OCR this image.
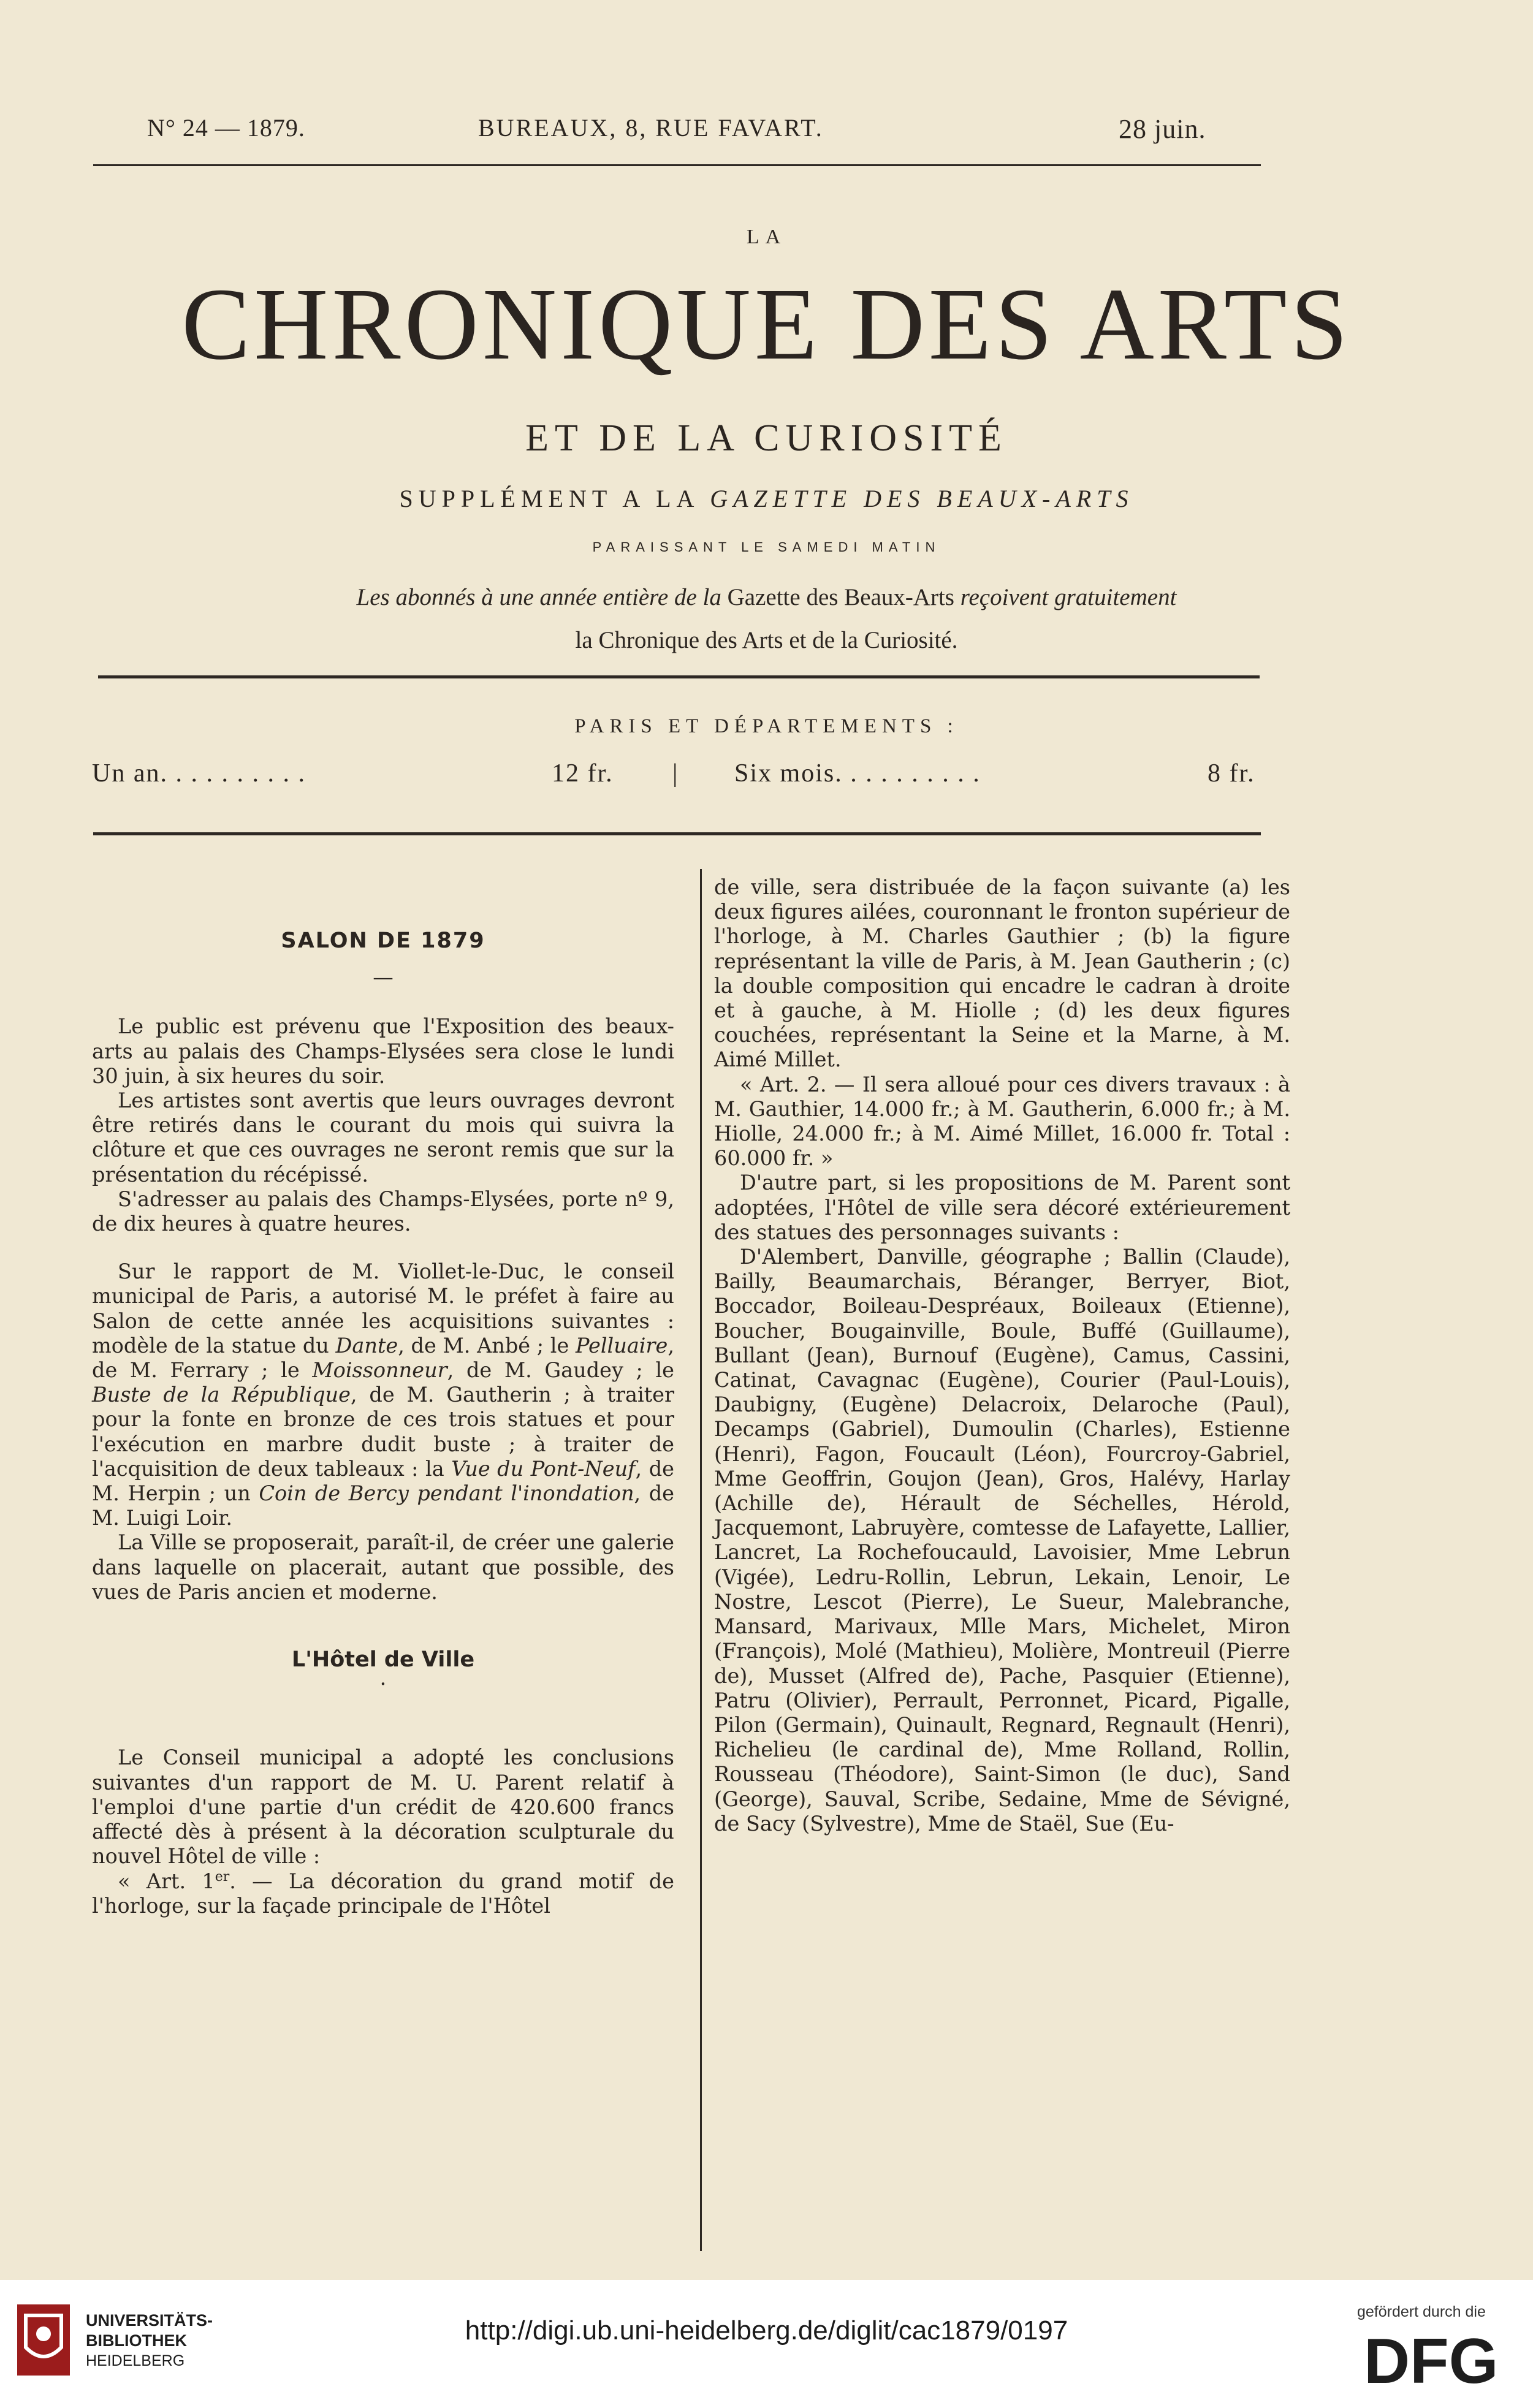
N° 24 — 1879.	BUREAUX, 8, RUE FAVART.	28 juin.
LA
CHRONIQUE DES ARTS
ET DE LA CURIOSITÉ
SUPPLÉMENT A LA GAZETTE DES BEAUX-ARTS
PARAISSANT LE SAMEDI MATIN
Les abonnés à une année entière de la Gazette des Beaux-Arts reçoivent gratuitement
la Chronique des Arts et de la Curiosité.
PARIS ET DÉPARTEMENTS :
Un an. . . . . . . . . .	12 fr. | Six mois. . . . . . . . . .	8 fr.
SALON DE 1879
—

Le public est prévenu que l'Exposition des beaux-arts au palais des Champs-Elysées sera close le lundi 30 juin, à six heures du soir.

Les artistes sont avertis que leurs ouvrages devront être retirés dans le courant du mois qui suivra la clôture et que ces ouvrages ne seront remis que sur la présentation du récépissé.

S'adresser au palais des Champs-Elysées, porte nº 9, de dix heures à quatre heures.

Sur le rapport de M. Viollet-le-Duc, le conseil municipal de Paris, a autorisé M. le préfet à faire au Salon de cette année les acquisitions suivantes : modèle de la statue du Dante, de M. Anbé ; le Pelluaire, de M. Ferrary ; le Moissonneur, de M. Gaudey ; le Buste de la République, de M. Gautherin ; à traiter pour la fonte en bronze de ces trois statues et pour l'exécution en marbre dudit buste ; à traiter de l'acquisition de deux tableaux : la Vue du Pont-Neuf, de M. Herpin ; un Coin de Bercy pendant l'inondation, de M. Luigi Loir.

La Ville se proposerait, paraît-il, de créer une galerie dans laquelle on placerait, autant que possible, des vues de Paris ancien et moderne.

L'Hôtel de Ville
·

Le Conseil municipal a adopté les conclusions suivantes d'un rapport de M. U. Parent relatif à l'emploi d'une partie d'un crédit de 420.600 francs affecté dès à présent à la décoration sculpturale du nouvel Hôtel de ville :

« Art. 1er. — La décoration du grand motif de l'horloge, sur la façade principale de l'Hôtel

de ville, sera distribuée de la façon suivante (a) les deux figures ailées, couronnant le fronton supérieur de l'horloge, à M. Charles Gauthier ; (b) la figure représentant la ville de Paris, à M. Jean Gautherin ; (c) la double composition qui encadre le cadran à droite et à gauche, à M. Hiolle ; (d) les deux figures couchées, représentant la Seine et la Marne, à M. Aimé Millet.

« Art. 2. — Il sera alloué pour ces divers travaux : à M. Gauthier, 14.000 fr.; à M. Gautherin, 6.000 fr.; à M. Hiolle, 24.000 fr.; à M. Aimé Millet, 16.000 fr. Total : 60.000 fr. »

D'autre part, si les propositions de M. Parent sont adoptées, l'Hôtel de ville sera décoré extérieurement des statues des personnages suivants :

D'Alembert, Danville, géographe ; Ballin (Claude), Bailly, Beaumarchais, Béranger, Berryer, Biot, Boccador, Boileau-Despréaux, Boileaux (Etienne), Boucher, Bougainville, Boule, Buffé (Guillaume), Bullant (Jean), Burnouf (Eugène), Camus, Cassini, Catinat, Cavagnac (Eugène), Courier (Paul-Louis), Daubigny, (Eugène) Delacroix, Delaroche (Paul), Decamps (Gabriel), Dumoulin (Charles), Estienne (Henri), Fagon, Foucault (Léon), Fourcroy-Gabriel, Mme Geoffrin, Goujon (Jean), Gros, Halévy, Harlay (Achille de), Hérault de Séchelles, Hérold, Jacquemont, Labruyère, comtesse de Lafayette, Lallier, Lancret, La Rochefoucauld, Lavoisier, Mme Lebrun (Vigée), Ledru-Rollin, Lebrun, Lekain, Lenoir, Le Nostre, Lescot (Pierre), Le Sueur, Malebranche, Mansard, Marivaux, Mlle Mars, Michelet, Miron (François), Molé (Mathieu), Molière, Montreuil (Pierre de), Musset (Alfred de), Pache, Pasquier (Etienne), Patru (Olivier), Perrault, Perronnet, Picard, Pigalle, Pilon (Germain), Quinault, Regnard, Regnault (Henri), Richelieu (le cardinal de), Mme Rolland, Rollin, Rousseau (Théodore), Saint-Simon (le duc), Sand (George), Sauval, Scribe, Sedaine, Mme de Sévigné, de Sacy (Sylvestre), Mme de Staël, Sue (Eu-

UNIVERSITÄTS-
BIBLIOTHEK
HEIDELBERG
http://digi.ub.uni-heidelberg.de/diglit/cac1879/0197
gefördert durch die
DFG
